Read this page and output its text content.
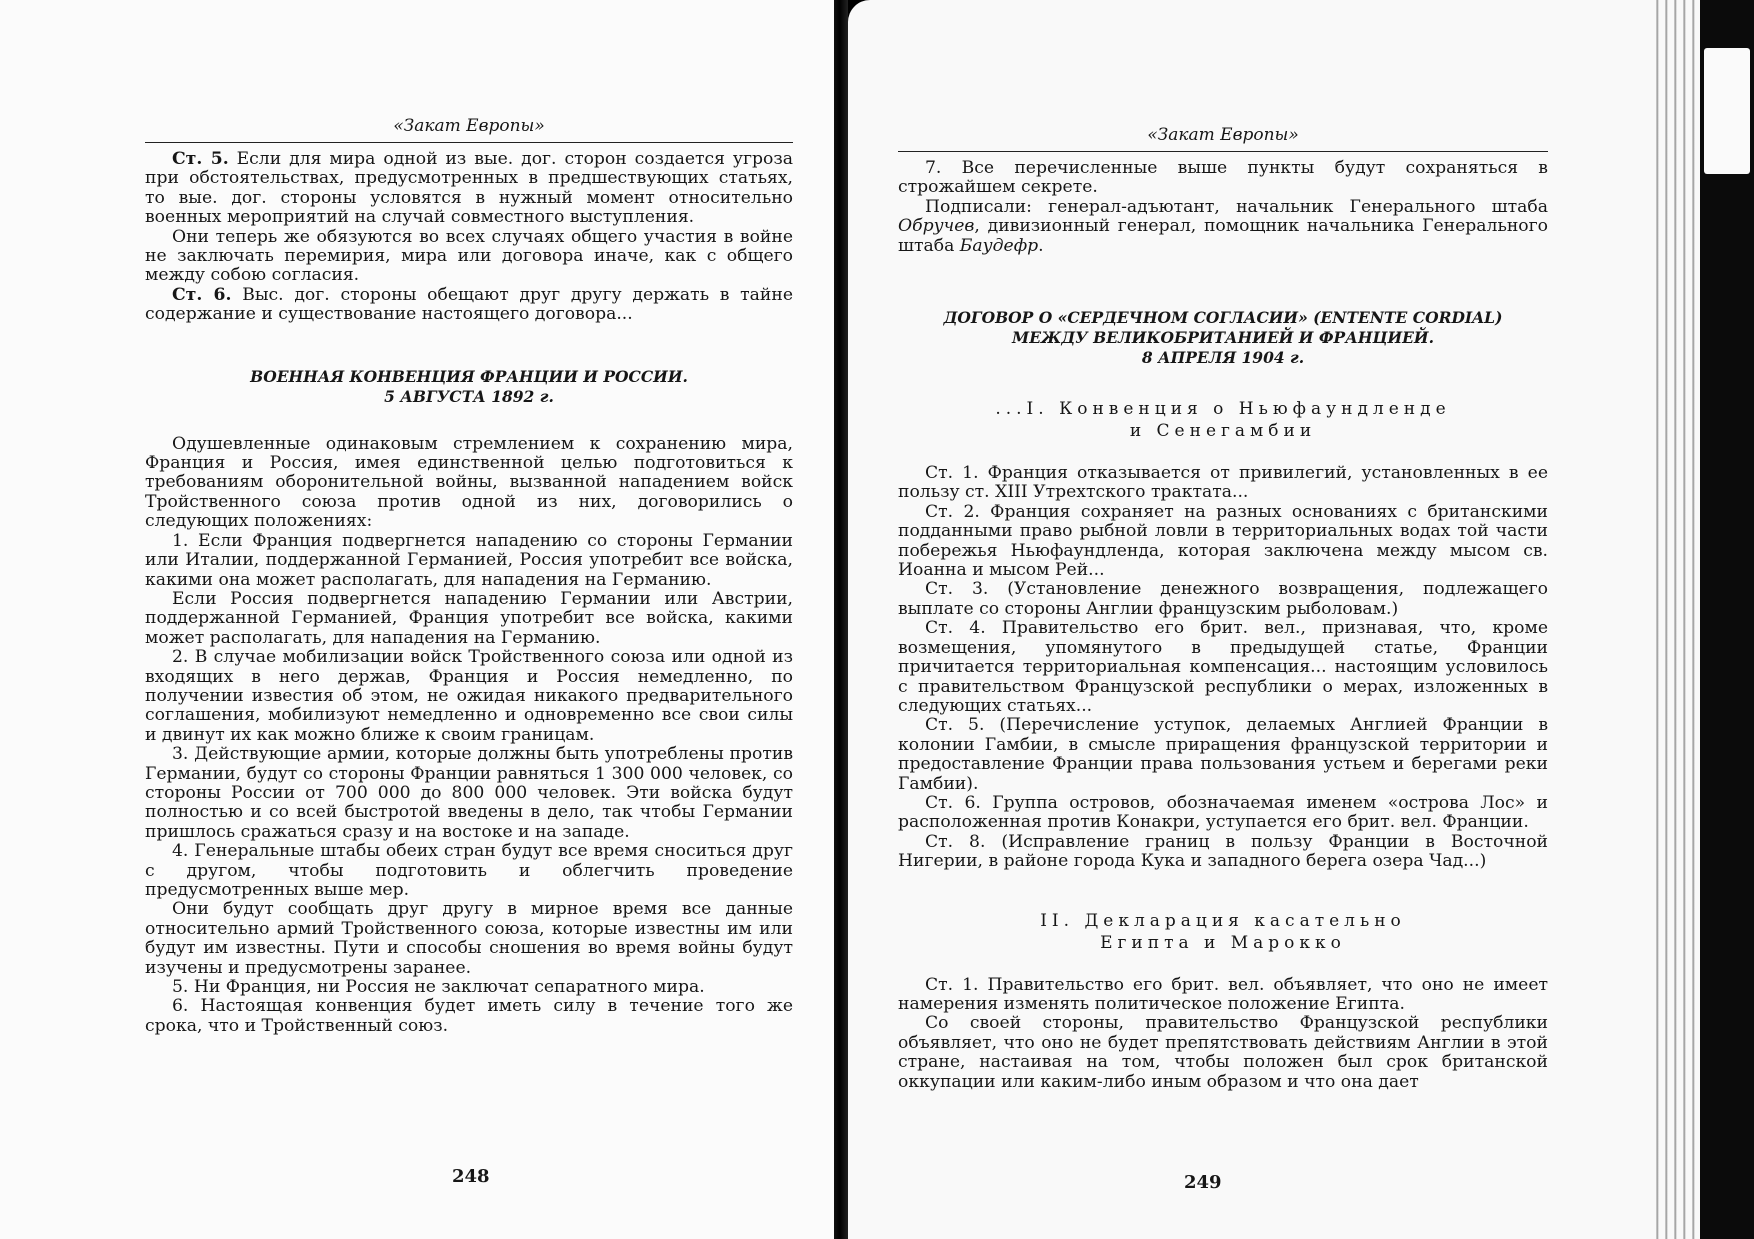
«Закат Европы»

Ст. 5. Если для мира одной из вые. дог. сторон создается угроза при обстоятельствах, предусмотренных в предшествующих статьях, то вые. дог. стороны условятся в нужный момент относительно военных мероприятий на случай совместного выступления.

Они теперь же обязуются во всех случаях общего участия в войне не заключать перемирия, мира или договора иначе, как с общего между собою согласия.

Ст. 6. Выс. дог. стороны обещают друг другу держать в тайне содержание и существование настоящего договора...

ВОЕННАЯ КОНВЕНЦИЯ ФРАНЦИИ И РОССИИ.
5 АВГУСТА 1892 г.

Одушевленные одинаковым стремлением к сохранению мира, Франция и Россия, имея единственной целью подготовиться к требованиям оборонительной войны, вызванной нападением войск Тройственного союза против одной из них, договорились о следующих положениях:

1. Если Франция подвергнется нападению со стороны Германии или Италии, поддержанной Германией, Россия употребит все войска, какими она может располагать, для нападения на Германию.

Если Россия подвергнется нападению Германии или Австрии, поддержанной Германией, Франция употребит все войска, какими может располагать, для нападения на Германию.

2. В случае мобилизации войск Тройственного союза или одной из входящих в него держав, Франция и Россия немедленно, по получении известия об этом, не ожидая никакого предварительного соглашения, мобилизуют немедленно и одновременно все свои силы и двинут их как можно ближе к своим границам.

3. Действующие армии, которые должны быть употреблены против Германии, будут со стороны Франции равняться 1 300 000 человек, со стороны России от 700 000 до 800 000 человек. Эти войска будут полностью и со всей быстротой введены в дело, так чтобы Германии пришлось сражаться сразу и на востоке и на западе.

4. Генеральные штабы обеих стран будут все время сноситься друг с другом, чтобы подготовить и облегчить проведение предусмотренных выше мер.

Они будут сообщать друг другу в мирное время все данные относительно армий Тройственного союза, которые известны им или будут им известны. Пути и способы сношения во время войны будут изучены и предусмотрены заранее.

5. Ни Франция, ни Россия не заключат сепаратного мира.

6. Настоящая конвенция будет иметь силу в течение того же срока, что и Тройственный союз.

248	249
«Закат Европы»

7. Все перечисленные выше пункты будут сохраняться в строжайшем секрете.

Подписали: генерал-адъютант, начальник Генерального штаба Обручев, дивизионный генерал, помощник начальника Генерального штаба Баудефр.

ДОГОВОР О «СЕРДЕЧНОМ СОГЛАСИИ» (ENTENTE CORDIAL)
МЕЖДУ ВЕЛИКОБРИТАНИЕЙ И ФРАНЦИЕЙ.
8 АПРЕЛЯ 1904 г.
...I. Конвенция о Ньюфаундленде
и Сенегамбии

Ст. 1. Франция отказывается от привилегий, установленных в ее пользу ст. XIII Утрехтского трактата...

Ст. 2. Франция сохраняет на разных основаниях с британскими подданными право рыбной ловли в территориальных водах той части побережья Ньюфаундленда, которая заключена между мысом св. Иоанна и мысом Рей...

Ст. 3. (Установление денежного возвращения, подлежащего выплате со стороны Англии французским рыболовам.)

Ст. 4. Правительство его брит. вел., признавая, что, кроме возмещения, упомянутого в предыдущей статье, Франции причитается территориальная компенсация... настоящим условилось с правительством Французской республики о мерах, изложенных в следующих статьях...

Ст. 5. (Перечисление уступок, делаемых Англией Франции в колонии Гамбии, в смысле приращения французской территории и предоставление Франции права пользования устьем и берегами реки Гамбии).

Ст. 6. Группа островов, обозначаемая именем «острова Лос» и расположенная против Конакри, уступается его брит. вел. Франции.

Ст. 8. (Исправление границ в пользу Франции в Восточной Нигерии, в районе города Кука и западного берега озера Чад...)

II. Декларация касательно
Египта и Марокко

Ст. 1. Правительство его брит. вел. объявляет, что оно не имеет намерения изменять политическое положение Египта.

Со своей стороны, правительство Французской республики объявляет, что оно не будет препятствовать действиям Англии в этой стране, настаивая на том, чтобы положен был срок британской оккупации или каким-либо иным образом и что она дает
